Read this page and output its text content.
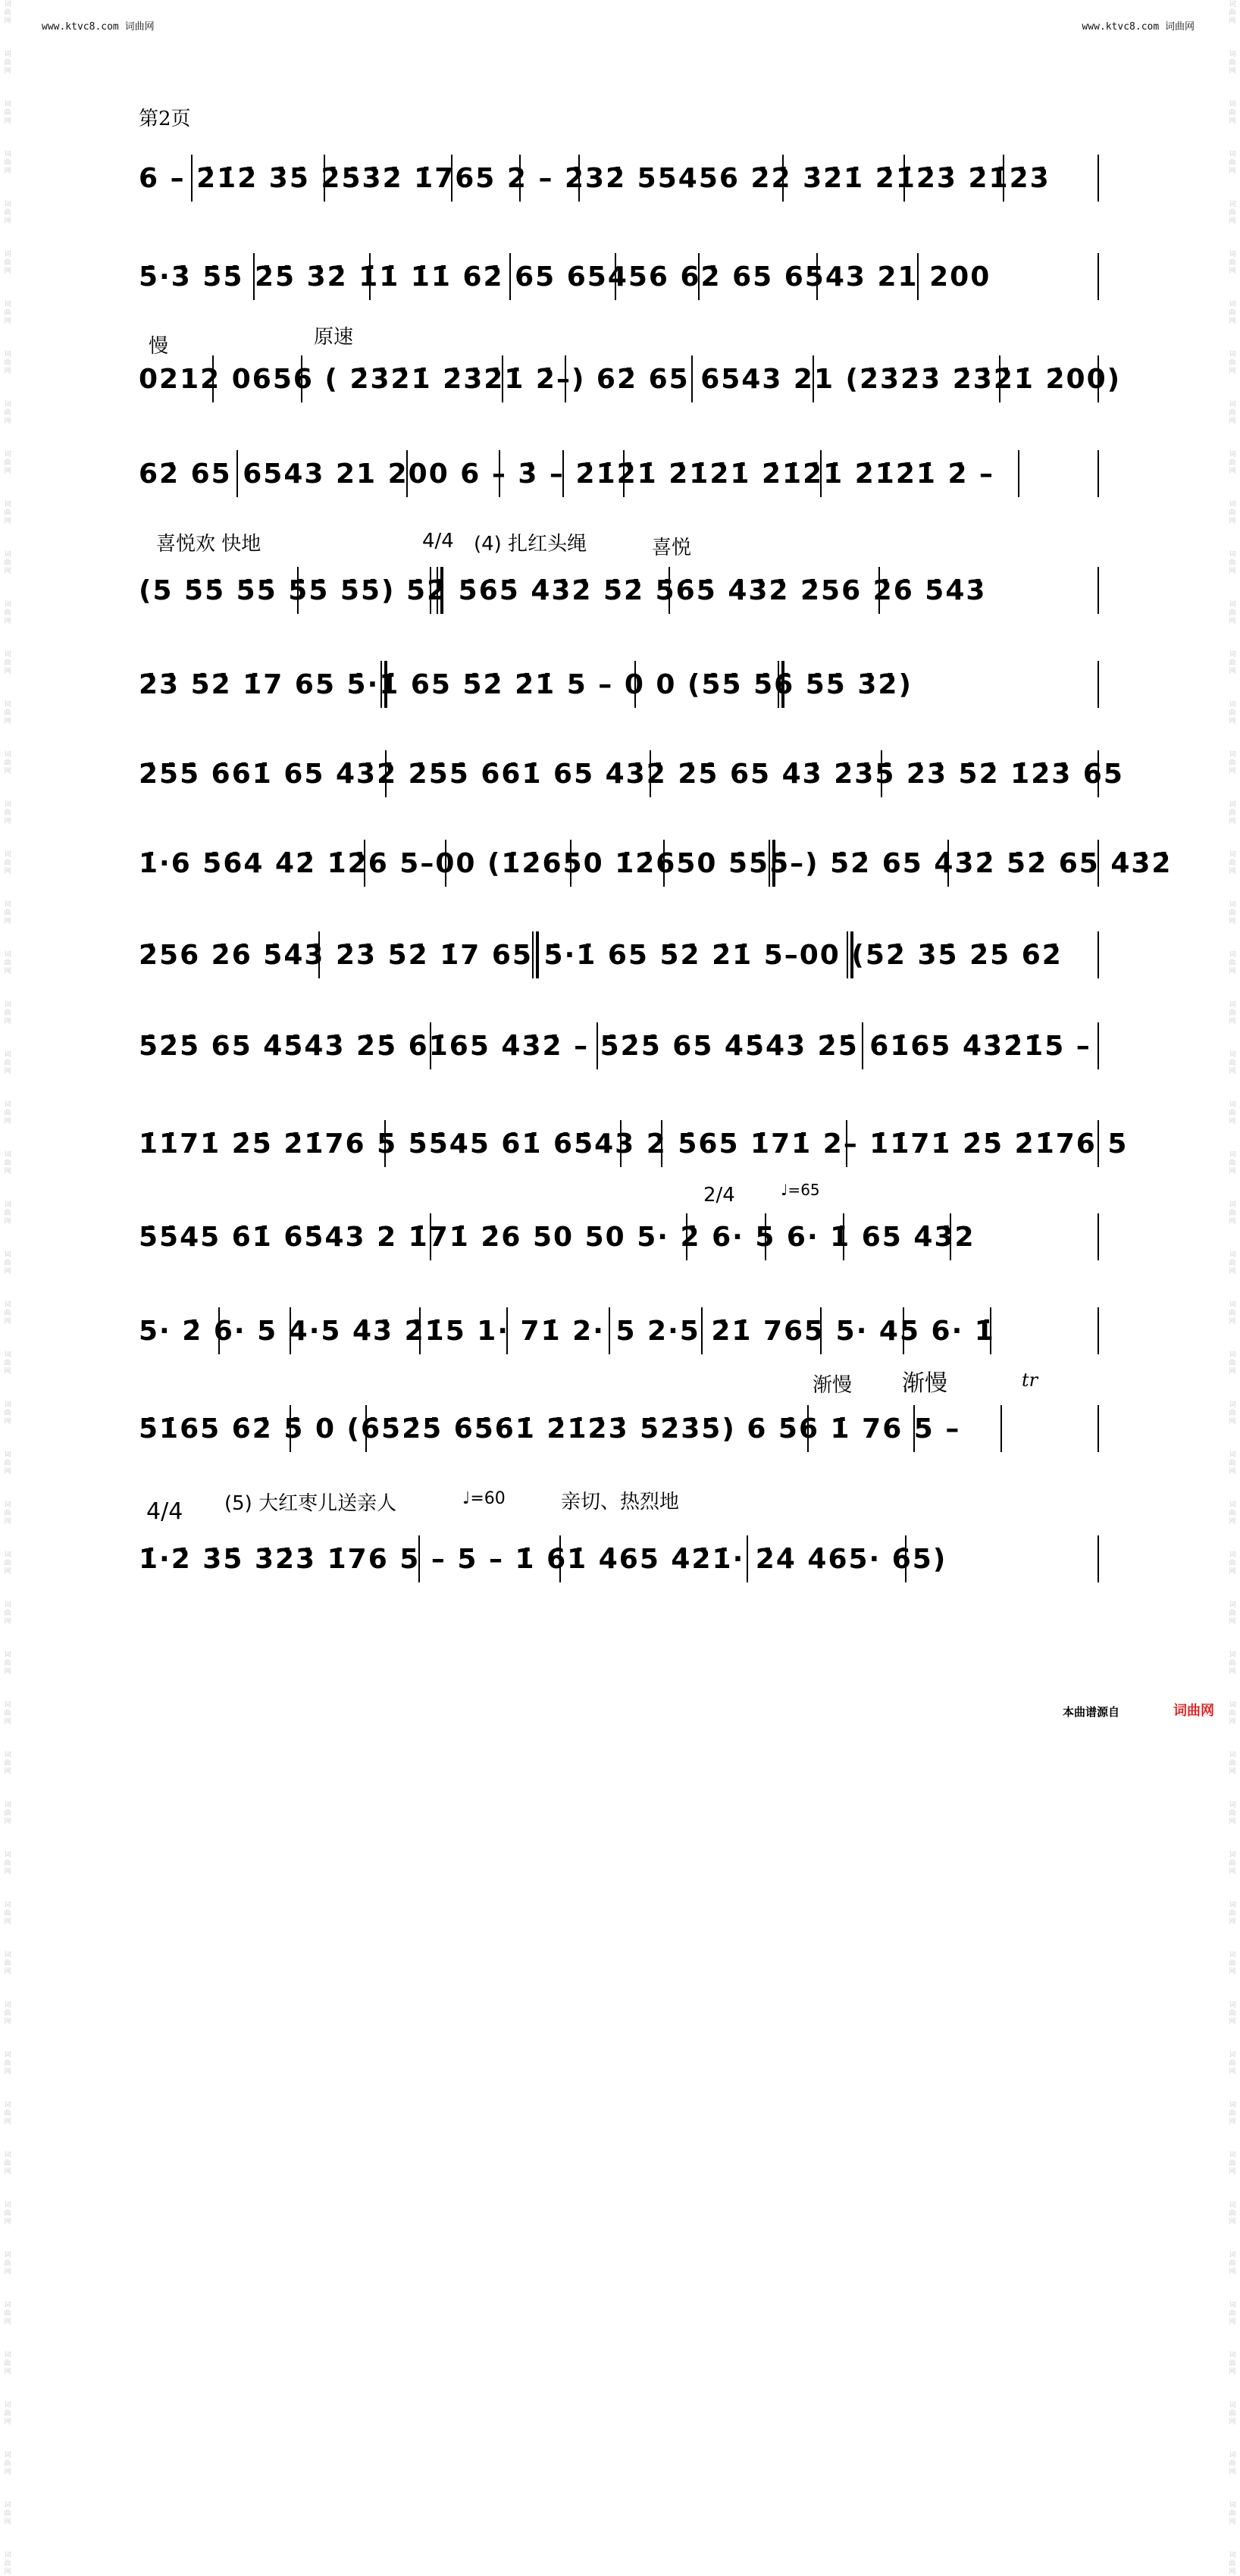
词曲网
词曲网
词曲网
词曲网
词曲网
词曲网
词曲网
词曲网
词曲网
词曲网
词曲网
词曲网
词曲网
词曲网
词曲网
词曲网
词曲网
词曲网
词曲网
词曲网
词曲网
词曲网
词曲网
词曲网
词曲网
词曲网
词曲网
词曲网
词曲网
词曲网
词曲网
词曲网
词曲网
词曲网
词曲网
词曲网
词曲网
词曲网
词曲网
词曲网
词曲网
词曲网
词曲网
词曲网
词曲网
词曲网
词曲网
词曲网
词曲网
词曲网
词曲网
词曲网
词曲网
词曲网
词曲网
词曲网
词曲网
词曲网
词曲网
词曲网
词曲网
词曲网
词曲网
词曲网
词曲网
词曲网
词曲网
词曲网
词曲网
词曲网
词曲网
词曲网
词曲网
词曲网
词曲网
词曲网
词曲网
词曲网
词曲网
词曲网
词曲网
词曲网
词曲网
词曲网
词曲网
词曲网
词曲网
词曲网
词曲网
词曲网
词曲网
词曲网
词曲网
词曲网
词曲网
词曲网
词曲网
词曲网
词曲网
词曲网
词曲网
词曲网
词曲网
词曲网
www.ktvc8.com 词曲网	www.ktvc8.com 词曲网
第2页
6 – 2̇1̇2̇ 3̇5̇ 2̇5̇3̇2̇ 1̇765 2 – 2̇32̇ 55456 2̇2̇ 3̇2̇1̇ 2̇1̇2̇3̇ 2̇1̇2̇3̇
5̇·3̇ 5̇5̇ 2̇5̇ 3̇2̇ 1̇1̇ 1̇1̇ 62̇ 65 65456 62̇ 65 6543 21 200
慢	原速
0212 0656 ( 2̇3̇2̇1̇ 2̇3̇2̇1̇ 2̇–) 62̇ 65 6543 21 (2̇3̇2̇3̇ 2̇3̇2̇1̇ 2̇00)
62̇ 65 6543 21 200 6 – 3̇ – 2̇1̇2̇1̇ 2̇1̇2̇1̇ 2̇1̇2̇1̇ 2̇1̇2̇1̇ 2̇ –
喜悦欢 快地	4/4 (4) 扎红头绳	喜悦
(5 5̇5̇ 5̇5̇ 5̇5̇ 5̇5̇) 5̇2̇ 5̇6̇5̇ 4̇3̇2̇ 5̇2̇ 5̇6̇5̇ 4̇3̇2̇ 2̇56 2̇6̇ 5̇4̇3̇
2̇3̇ 5̇2̇ 1̇7 65 5̇·1̇ 65 5̇2̇ 2̇1̇ 5 – 0 0 (5̇5̇ 5̇6̇ 5̇5̇ 3̇2̇)
2̇5̇5̇ 6̇6̇1̇ 65 4̇3̇2̇ 2̇5̇5̇ 6̇6̇1̇ 65 4̇3̇2̇ 2̇5̇ 65 4̇3̇ 2̇3̇5̇ 2̇3̇ 5̇2̇ 1̇2̇3̇ 65
1̇·6 5̇6̇4 4̇2̇ 1̇2̇6 5–00 (1̇2̇650 1̇2̇650 5̇5̇5̇–) 5̇2̇ 65 4̇3̇2̇ 5̇2̇ 65 4̇3̇2̇
2̇56 2̇6̇ 5̇4̇3̇ 2̇3̇ 5̇2̇ 1̇7 65 5̇·1̇ 65 5̇2̇ 2̇1̇ 5–00 (5̇2̇ 3̇5̇ 2̇5̇ 6̇2̇
5̇2̇5̇ 65 4̇5̇4̇3̇ 2̇5̇ 6̇1̇65 4̇3̇2̇ – 5̇2̇5̇ 65 4̇5̇4̇3̇ 2̇5̇ 6̇1̇65 4̇3̇2̇1̇5 –
1̇1̇71̇ 2̇5̇ 2̇1̇76 5 5̇5̇45 6̇1̇ 6̇5̇43 2 5̇65 1̇71̇ 2– 1̇1̇71̇ 2̇5̇ 2̇1̇76 5
2/4	♩=65
5̇5̇45 6̇1̇ 6̇5̇43 2 1̇71̇ 2̇6 50 50 5· 2̇ 6· 5 6· 1̇ 65 4̇3̇2
5· 2̇ 6· 5 4·5 4̇3̇ 2̇1̇5 1· 71̇ 2· 5 2·5 2̇1̇ 765 5· 45 6· 1̇
渐慢 渐慢	tr
5̇1̇65 6̇2̇ 5̇ 0 (6̇5̇2̇5̇ 6̇5̇6̇1̇ 2̇1̇2̇3̇ 5̇2̇3̇5̇) 6 5̇6 1̇ 76 5 –
4/4 (5) 大红枣儿送亲人	♩=60	亲切、热烈地
1̇·2̇ 3̇5̇ 3̇2̇3̇ 1̇76 5 – 5 – 1̇ 6̇1̇ 4̇65 4̇2̇1̇· 2̇4̇ 4̇65· 6̇5)
本曲谱源自	词曲网
